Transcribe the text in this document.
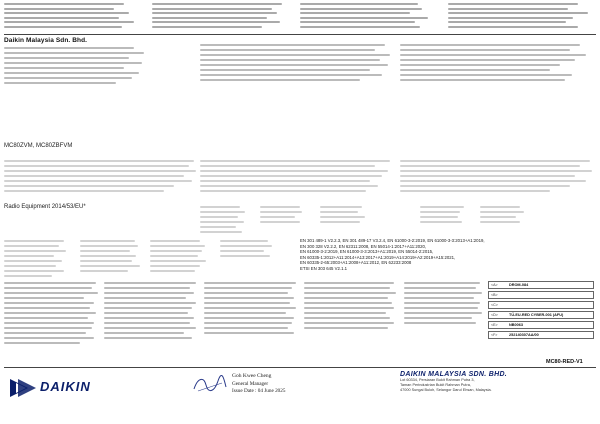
Daikin Malaysia Sdn. Bhd.
MC80ZVM, MC80ZBFVM
Radio Equipment 2014/53/EU*
EN 301 489-1 V2.2.3, EN 301 489-17 V3.2.4, EN 61000-3-2:2019, EN 61000-3-3:2013+A1:2019,
EN 300 328 V2.2.2, EN 62311:2008, EN 55014-1:2017+A11:2020,
EN 61000-3-2:2019, EN 61000-3-3:2013+A1:2019, EN 55014-2:2015,
EN 60335-1:2012+A11:2014+A13:2017+A1:2019+A14:2019+A2:2019+A15:2021,
EN 60335-2-65:2003+A1:2008+A11:2012, EN 62233:2008
ETSI EN 303 645 V2.1.1
<A>	DROM-084
<B>
<C>
<D>	TÜ-EU-RED CYBER-001 (AFU)
<E>	NB0063
<F>	252140307AA/00
MC80-RED-V1
DAIKIN
Goh Kwee Cheng
General Manager
Issue Date : 04 June 2025
DAIKIN MALAYSIA SDN. BHD.
Lot 60334, Persiaran Bukit Rahman Putra 3,
Taman Perindustrian Bukit Rahman Putra,
47000 Sungai Buloh, Selangor Darul Ehsan, Malaysia.
